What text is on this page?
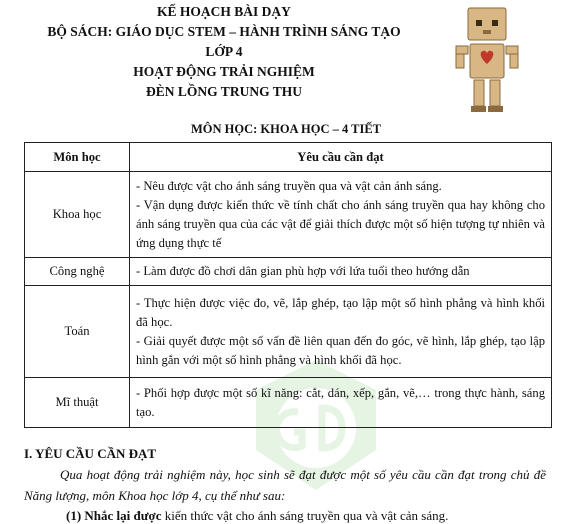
KẾ HOẠCH BÀI DẠY
BỘ SÁCH: GIÁO DỤC STEM – HÀNH TRÌNH SÁNG TẠO
LỚP 4
HOẠT ĐỘNG TRẢI NGHIỆM
ĐÈN LỒNG TRUNG THU
MÔN HỌC: KHOA HỌC – 4 TIẾT
Môn học	Yêu cầu cần đạt
Khoa học	- Nêu được vật cho ánh sáng truyền qua và vật cản ánh sáng.

- Vận dụng được kiến thức về tính chất cho ánh sáng truyền qua hay không cho ánh sáng truyền qua của các vật để giải thích được một số hiện tượng tự nhiên và ứng dụng thực tế

Công nghệ	- Làm được đồ chơi dân gian phù hợp với lứa tuổi theo hướng dẫn

Toán	- Thực hiện được việc đo, vẽ, lắp ghép, tạo lập một số hình phẳng và hình khối đã học.

- Giải quyết được một số vấn đề liên quan đến đo góc, vẽ hình, lắp ghép, tạo lập hình gắn với một số hình phẳng và hình khối đã học.

Mĩ thuật	- Phối hợp được một số kĩ năng: cắt, dán, xếp, gắn, vẽ,… trong thực hành, sáng tạo.

I. YÊU CẦU CẦN ĐẠT
Qua hoạt động trải nghiệm này, học sinh sẽ đạt được một số yêu cầu cần đạt trong chủ đề Năng lượng, môn Khoa học lớp 4, cụ thể như sau:
(1) Nhắc lại được kiến thức vật cho ánh sáng truyền qua và vật cản sáng.
